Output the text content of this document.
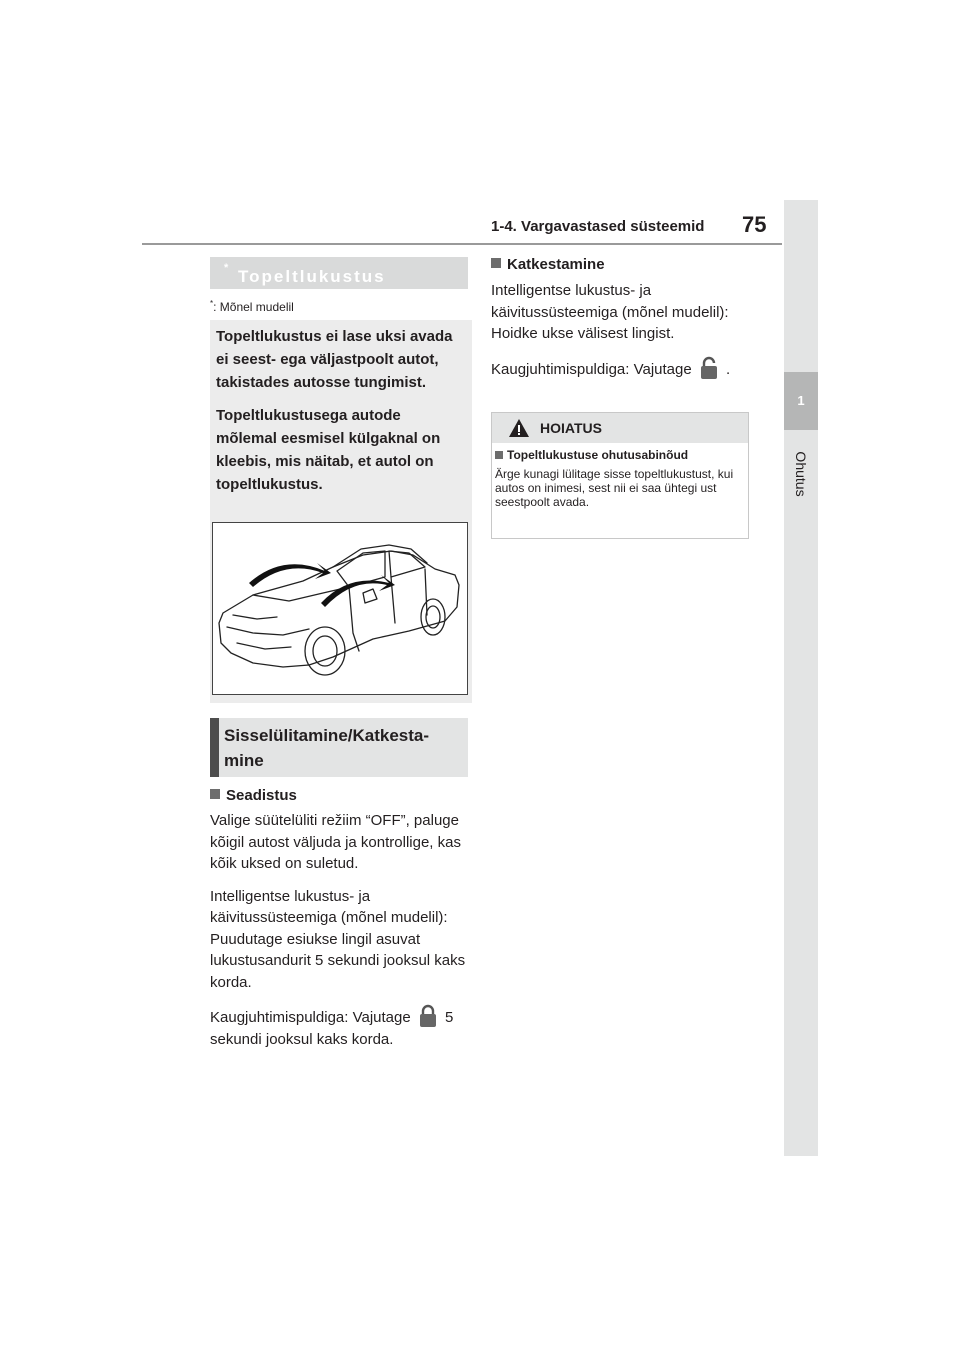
1-4. Vargavastased süsteemid 75
1
Ohutus
Topeltlukustus
*
*: Mõnel mudelil

Topeltlukustus ei lase uksi avada ei seest- ega väljastpoolt autot, takistades autosse tungimist.

Topeltlukustusega autode mõlemal eesmisel külgaknal on kleebis, mis näitab, et autol on topeltlukustus.

Sisselülitamine/Katkesta-
mine
Seadistus

Valige süütelüliti režiim “OFF”, paluge kõigil autost väljuda ja kontrollige, kas kõik uksed on suletud.

Intelligentse lukustus- ja käivitussüsteemiga (mõnel mudelil): Puudutage esiukse lingil asuvat lukustusandurit 5 sekundi jooksul kaks korda.

Kaugjuhtimispuldiga: Vajutage 5 sekundi jooksul kaks korda.

Katkestamine

Intelligentse lukustus- ja käivitussüsteemiga (mõnel mudelil): Hoidke ukse välisest lingist.

Kaugjuhtimispuldiga: Vajutage .

HOIATUS
Topeltlukustuse ohutusabinõud
Ärge kunagi lülitage sisse topeltlukustust, kui autos on inimesi, sest nii ei saa ühtegi ust seestpoolt avada.
